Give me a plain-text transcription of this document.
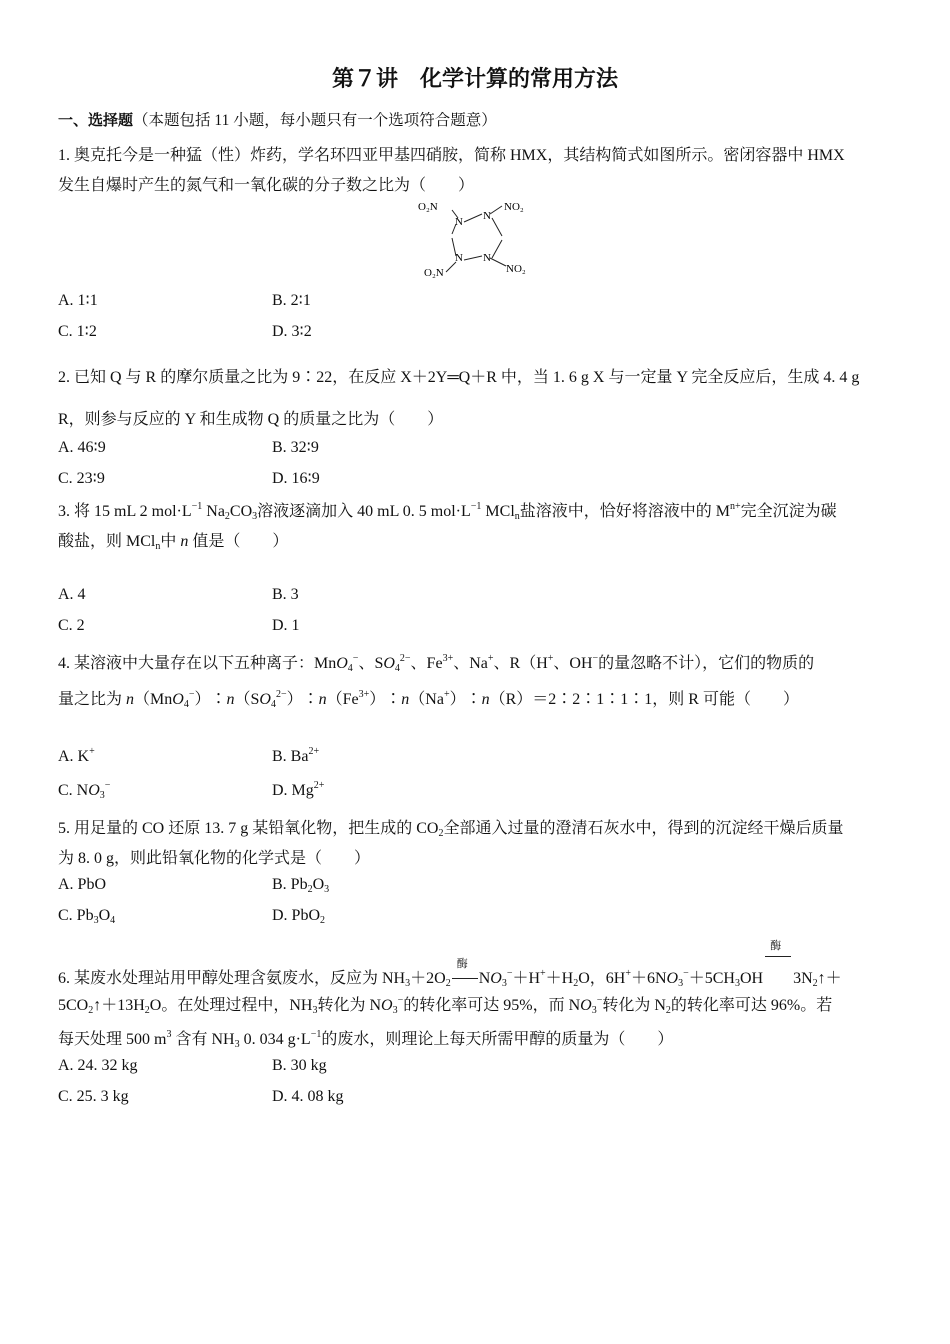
第７讲　化学计算的常用方法
一、选择题（本题包括 11 小题，每小题只有一个选项符合题意）
1. 奥克托今是一种猛（性）炸药，学名环四亚甲基四硝胺，简称 HMX，其结构简式如图所示。密闭容器中 HMX
发生自爆时产生的氮气和一氧化碳的分子数之比为（　　）
O₂N
N N
NO₂
N N
O₂N	NO₂
A. 1∶1	B. 2∶1
C. 1∶2	D. 3∶2
2. 已知 Q 与 R 的摩尔质量之比为 9∶22，在反应 X＋2Y═Q＋R 中，当 1. 6 g X 与一定量 Y 完全反应后，生成 4. 4 g
R，则参与反应的 Y 和生成物 Q 的质量之比为（　　）
A. 46∶9	B. 32∶9
C. 23∶9	D. 16∶9
3. 将 15 mL 2 $mol\cdot L^{-1}$ $Na_2CO_3$溶液逐滴加入 40 mL 0. 5 $mol\cdot L^{-1}$ MCl$_n$盐溶液中，恰好将溶液中的 $M^{n+}$完全沉淀为碳
酸盐，则 MCl$_n$中 n 值是（　　）
A. 4	B. 3
C. 2	D. 1
4. 某溶液中大量存在以下五种离子：MnO$_4$−、$SO_4^{2-}$、$Fe^{3+}$、Na+、R（H+、OH−的量忽略不计），它们的物质的
量之比为 $n(MnO_4^-)∶n(SO_4^{2-})∶n(Fe^{3+})∶n(Na^+)∶n(R)=2∶2∶1∶1∶1$，则 R 可能（　　）
A. K+	B. $Ba^{2+}$
C. $NO_3^-$	D. $Mg^{2+}$
5. 用足量的 CO 还原 13. 7 g 某铅氧化物，把生成的 $CO_2$全部通入过量的澄清石灰水中，得到的沉淀经干燥后质量
为 8. 0 g，则此铅氧化物的化学式是（　　）
A. PbO	B. $Pb_2O_3$
C. $Pb_3O_4$	D. PbO$_2$
6. 某废水处理站用甲醇处理含氨废水，反应为 $NH_3+2O_2$
酶
$NO_3^-+H^++H_2O$，$6H^++6NO_3^-+5CH_3OH$
酶
$3N_2↑+$
$5CO_2↑+13H_2O$。在处理过程中，$NH_3$转化为 $NO_3^-$的转化率可达 95%，而 $NO_3^-$转化为 $N_2$的转化率可达 96%。若
每天处理 500 $m^3$ 含有 $NH_3$ 0. 034 $g\cdot L^{-1}$的废水，则理论上每天所需甲醇的质量为（　　）
A. 24. 32 kg	B. 30 kg
C. 25. 3 kg	D. 4. 08 kg
